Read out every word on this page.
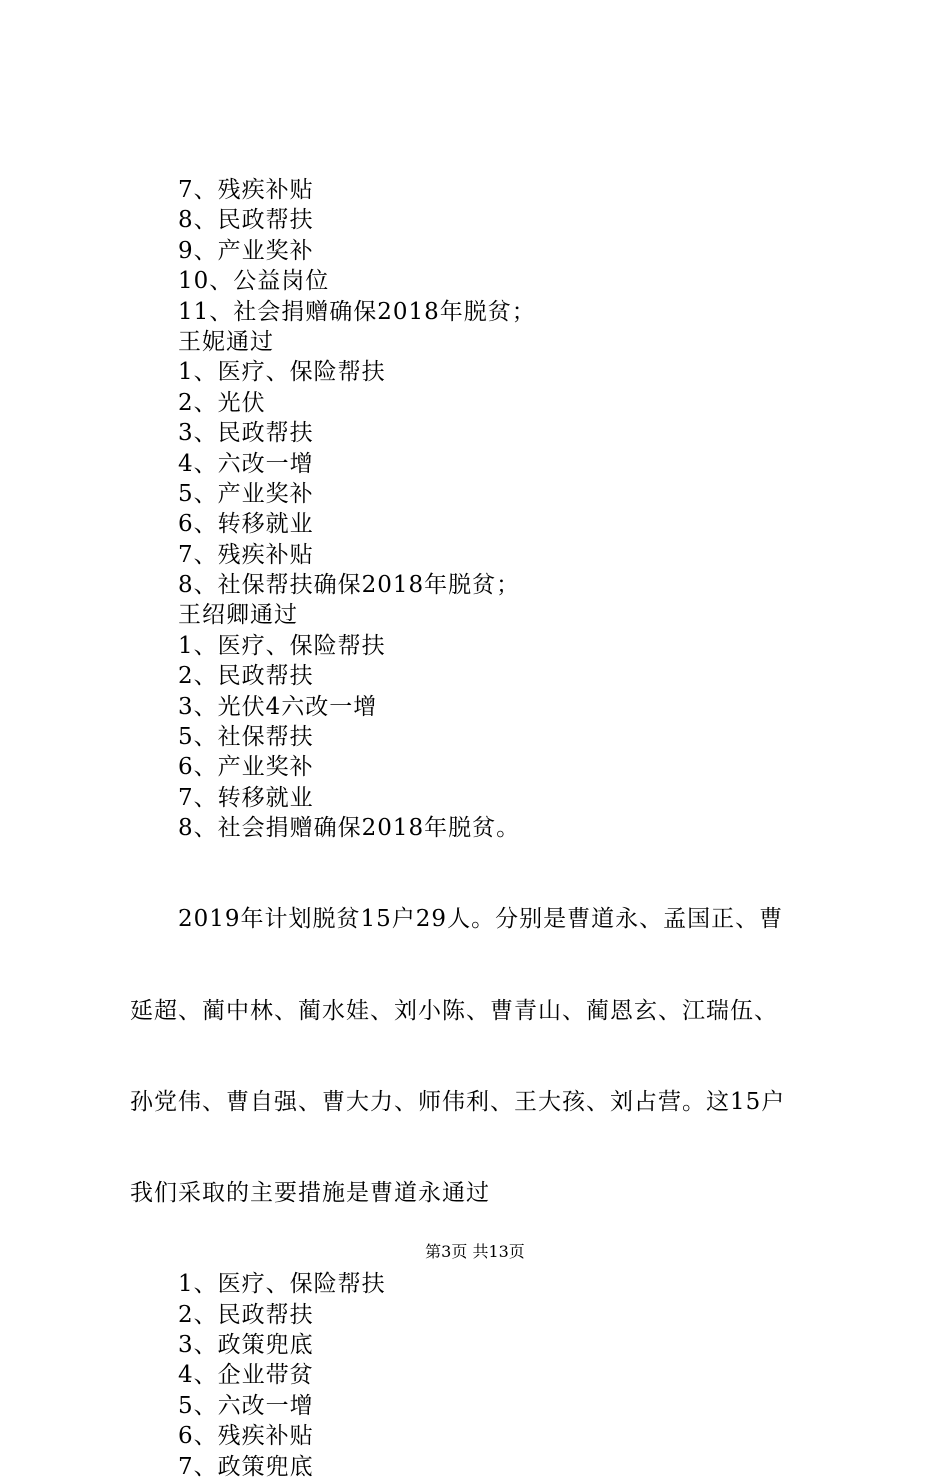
7、残疾补贴
8、民政帮扶
9、产业奖补
10、公益岗位
11、社会捐赠确保2018年脱贫；
王妮通过
1、医疗、保险帮扶
2、光伏
3、民政帮扶
4、六改一增
5、产业奖补
6、转移就业
7、残疾补贴
8、社保帮扶确保2018年脱贫；
王绍卿通过
1、医疗、保险帮扶
2、民政帮扶
3、光伏4六改一增
5、社保帮扶
6、产业奖补
7、转移就业
8、社会捐赠确保2018年脱贫。

2019年计划脱贫15户29人。分别是曹道永、孟国正、曹

延超、蔺中林、蔺水娃、刘小陈、曹青山、蔺恩玄、江瑞伍、

孙党伟、曹自强、曹大力、师伟利、王大孩、刘占营。这15户

我们采取的主要措施是曹道永通过

1、医疗、保险帮扶
2、民政帮扶
3、政策兜底
4、企业带贫
5、六改一增
6、残疾补贴
7、政策兜底
第3页 共13页
